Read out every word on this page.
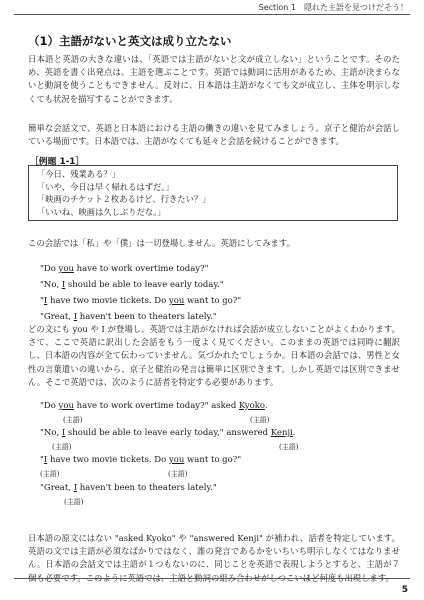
Section 1　隠れた主語を見つけだそう！
（1）主語がないと英文は成り立たない

日本語と英語の大きな違いは、「英語では主語がないと文が成立しない」ということです。そのため、英語を書く出発点は、主語を選ぶことです。英語では動詞に活用があるため、主語が決まらないと動詞を使うこともできません。反対に、日本語は主語がなくても文が成立し、主体を明示しなくても状況を描写することができます。

簡単な会話文で、英語と日本語における主語の働きの違いを見てみましょう。京子と健治が会話している場面です。日本語では、主語がなくても延々と会話を続けることができます。

［例題 1-1］
「今日、残業ある？」
「いや、今日は早く帰れるはずだ。」
「映画のチケット２枚あるけど、行きたい？」
「いいね、映画は久しぶりだな。」

この会話では「私」や「僕」は一切登場しません。英語にしてみます。

"Do you have to work overtime today?"
"No, I should be able to leave early today."
"I have two movie tickets. Do you want to go?"
"Great, I haven't been to theaters lately."

どの文にも you や I が登場し、英語では主語がなければ会話が成立しないことがよくわかります。さて、ここで英語に訳出した会話をもう一度よく見てください。このままの英語では同時に翻訳し、日本語の内容が全て伝わっていません。気づかれたでしょうか。日本語の会話では、男性と女性の言葉遣いの違いから、京子と健治の発言は簡単に区別できます。しかし英語では区別できません。そこで英語では、次のように話者を特定する必要があります。

"Do you have to work overtime today?" asked Kyoko.
(主語)	(主語)
"No, I should be able to leave early today," answered Kenji.
(主語)	(主語)
"I have two movie tickets. Do you want to go?"
(主語)	(主語)
"Great, I haven't been to theaters lately."
(主語)

日本語の原文にはない "asked Kyoko" や "answered Kenji" が補われ、話者を特定しています。英語の文では主語が必須なばかりではなく、誰の発言であるかをいちいち明示しなくてはなりません。日本語の会話文では主語が１つもないのに、同じことを英語で表現しようとすると、主語が７個も必要です。このように英語では、主語と動詞の組み合わせがしつこいほど何度も出現します。

5
